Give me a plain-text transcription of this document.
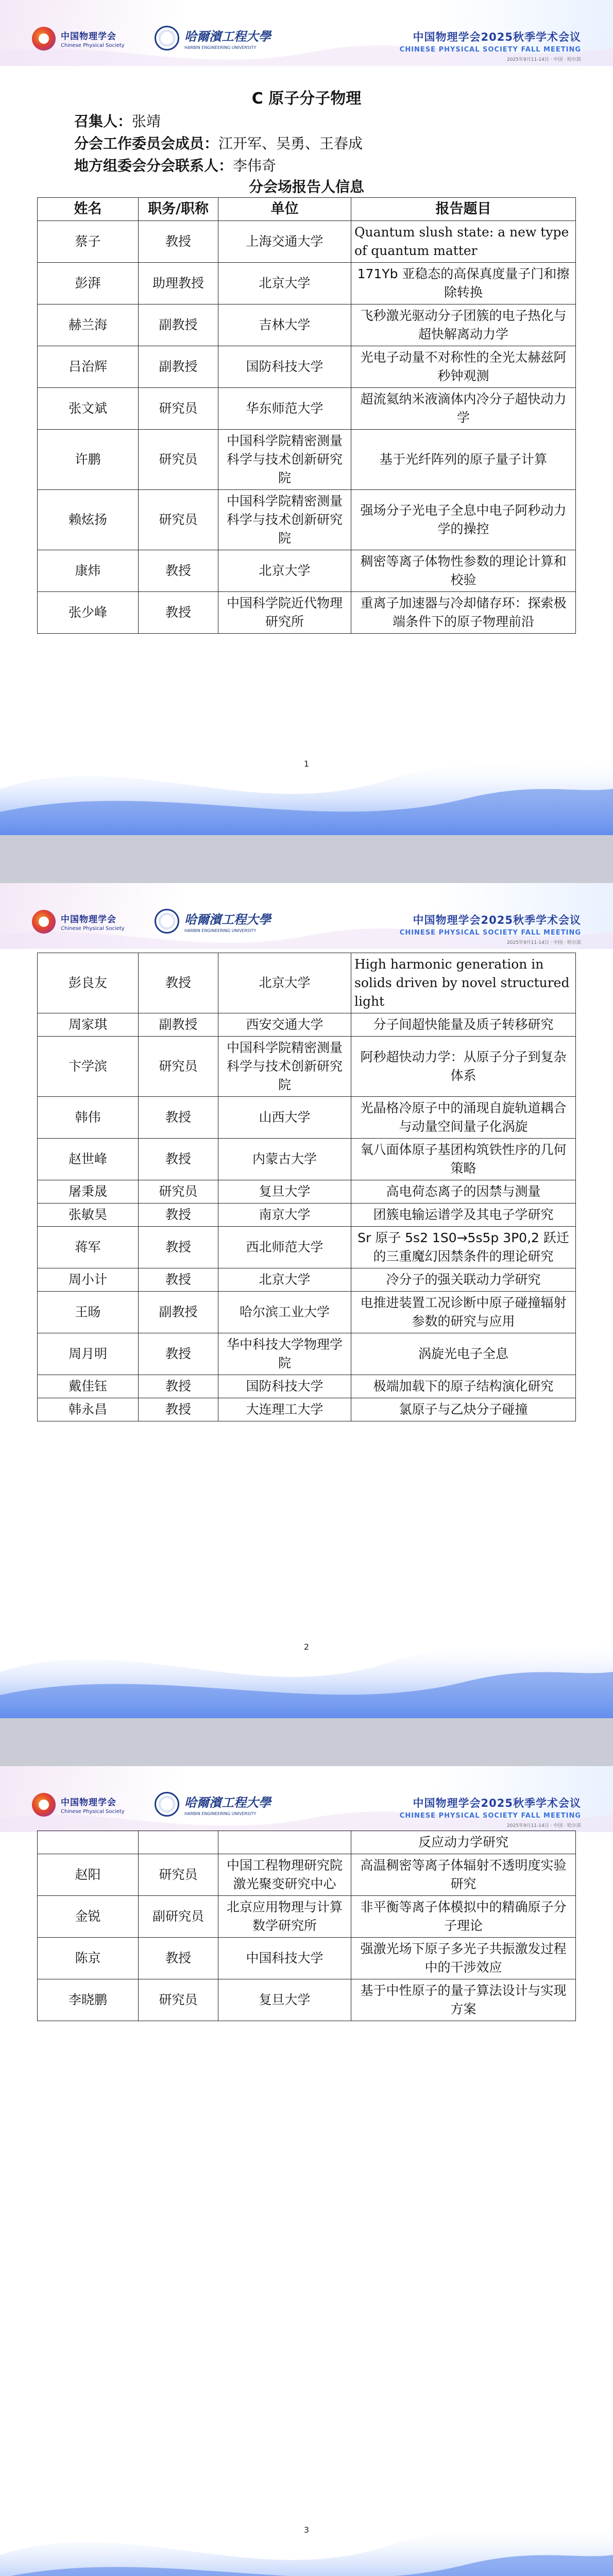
中国物理学会
Chinese Physical Society
哈爾濱工程大學
HARBIN ENGINEERING UNIVERSITY
中国物理学会2025秋季学术会议
CHINESE PHYSICAL SOCIETY FALL MEETING
2025年9月11-14日 · 中国 · 哈尔滨
C 原子分子物理
召集人：张靖
分会工作委员会成员：江开军、吴勇、王春成
地方组委会分会联系人：李伟奇
分会场报告人信息
姓名	职务/职称	单位	报告题目
蔡子	教授	上海交通大学	Quantum slush state: a new type of quantum matter
彭湃	助理教授	北京大学	171Yb 亚稳态的高保真度量子门和擦除转换
赫兰海	副教授	吉林大学	飞秒激光驱动分子团簇的电子热化与超快解离动力学
吕治辉	副教授	国防科技大学	光电子动量不对称性的全光太赫兹阿秒钟观测
张文斌	研究员	华东师范大学	超流氦纳米液滴体内冷分子超快动力学
许鹏	研究员	中国科学院精密测量科学与技术创新研究院	基于光纤阵列的原子量子计算
赖炫扬	研究员	中国科学院精密测量科学与技术创新研究院	强场分子光电子全息中电子阿秒动力学的操控
康炜	教授	北京大学	稠密等离子体物性参数的理论计算和校验
张少峰	教授	中国科学院近代物理研究所	重离子加速器与冷却储存环：探索极端条件下的原子物理前沿
1
中国物理学会
Chinese Physical Society
哈爾濱工程大學
HARBIN ENGINEERING UNIVERSITY
中国物理学会2025秋季学术会议
CHINESE PHYSICAL SOCIETY FALL MEETING
2025年9月11-14日 · 中国 · 哈尔滨
彭良友	教授	北京大学	High harmonic generation in solids driven by novel structured light
周家琪	副教授	西安交通大学	分子间超快能量及质子转移研究
卞学滨	研究员	中国科学院精密测量科学与技术创新研究院	阿秒超快动力学：从原子分子到复杂体系
韩伟	教授	山西大学	光晶格冷原子中的涌现自旋轨道耦合与动量空间量子化涡旋
赵世峰	教授	内蒙古大学	氧八面体原子基团构筑铁性序的几何策略
屠秉晟	研究员	复旦大学	高电荷态离子的因禁与测量
张敏昊	教授	南京大学	团簇电输运谱学及其电子学研究
蒋军	教授	西北师范大学	Sr 原子 5s2 1S0→5s5p 3P0,2 跃迁的三重魔幻因禁条件的理论研究
周小计	教授	北京大学	冷分子的强关联动力学研究
王旸	副教授	哈尔滨工业大学	电推进装置工况诊断中原子碰撞辐射参数的研究与应用
周月明	教授	华中科技大学物理学院	涡旋光电子全息
戴佳钰	教授	国防科技大学	极端加载下的原子结构演化研究
韩永昌	教授	大连理工大学	氯原子与乙炔分子碰撞
2
中国物理学会
Chinese Physical Society
哈爾濱工程大學
HARBIN ENGINEERING UNIVERSITY
中国物理学会2025秋季学术会议
CHINESE PHYSICAL SOCIETY FALL MEETING
2025年9月11-14日 · 中国 · 哈尔滨
			反应动力学研究
赵阳	研究员	中国工程物理研究院激光聚变研究中心	高温稠密等离子体辐射不透明度实验研究
金锐	副研究员	北京应用物理与计算数学研究所	非平衡等离子体模拟中的精确原子分子理论
陈京	教授	中国科技大学	强激光场下原子多光子共振激发过程中的干涉效应
李晓鹏	研究员	复旦大学	基于中性原子的量子算法设计与实现方案
3
